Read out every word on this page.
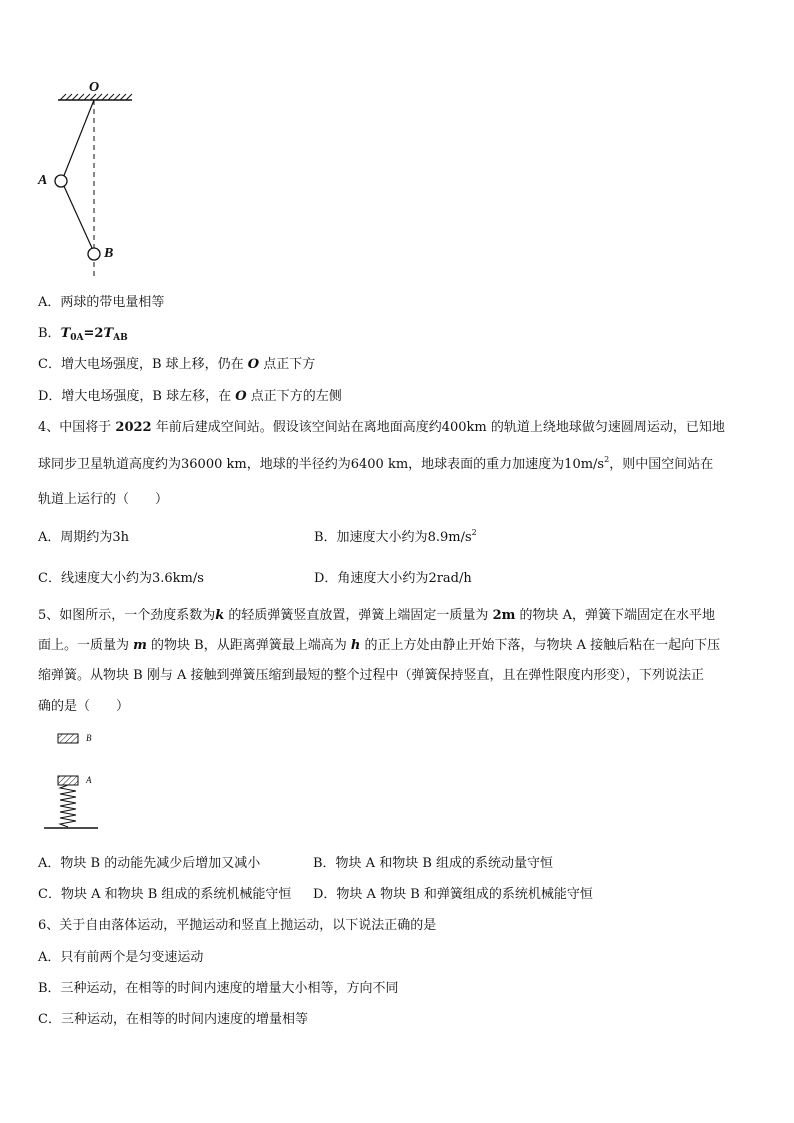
O
A
B
A．两球的带电量相等
B．$T_{0A}=2T_{AB}$
C．增大电场强度，B 球上移，仍在 O 点正下方
D．增大电场强度，B 球左移，在 O 点正下方的左侧
4、中国将于 2022 年前后建成空间站。假设该空间站在离地面高度约400km 的轨道上绕地球做匀速圆周运动，已知地
球同步卫星轨道高度约为36000 km，地球的半径约为6400 km，地球表面的重力加速度为$10m/s^2$，则中国空间站在
轨道上运行的（　　）
A．周期约为3h	B．加速度大小约为$8.9m/s^2$
C．线速度大小约为3.6km/s	D．角速度大小约为2rad/h
5、如图所示，一个劲度系数为k 的轻质弹簧竖直放置，弹簧上端固定一质量为 2m 的物块 A，弹簧下端固定在水平地
面上。一质量为 m 的物块 B，从距离弹簧最上端高为 h 的正上方处由静止开始下落，与物块 A 接触后粘在一起向下压
缩弹簧。从物块 B 刚与 A 接触到弹簧压缩到最短的整个过程中（弹簧保持竖直，且在弹性限度内形变），下列说法正
确的是（　　）
B
A
A．物块 B 的动能先减少后增加又减小	B．物块 A 和物块 B 组成的系统动量守恒
C．物块 A 和物块 B 组成的系统机械能守恒 D．物块 A 物块 B 和弹簧组成的系统机械能守恒
6、关于自由落体运动，平抛运动和竖直上抛运动，以下说法正确的是
A．只有前两个是匀变速运动
B．三种运动，在相等的时间内速度的增量大小相等，方向不同
C．三种运动，在相等的时间内速度的增量相等
